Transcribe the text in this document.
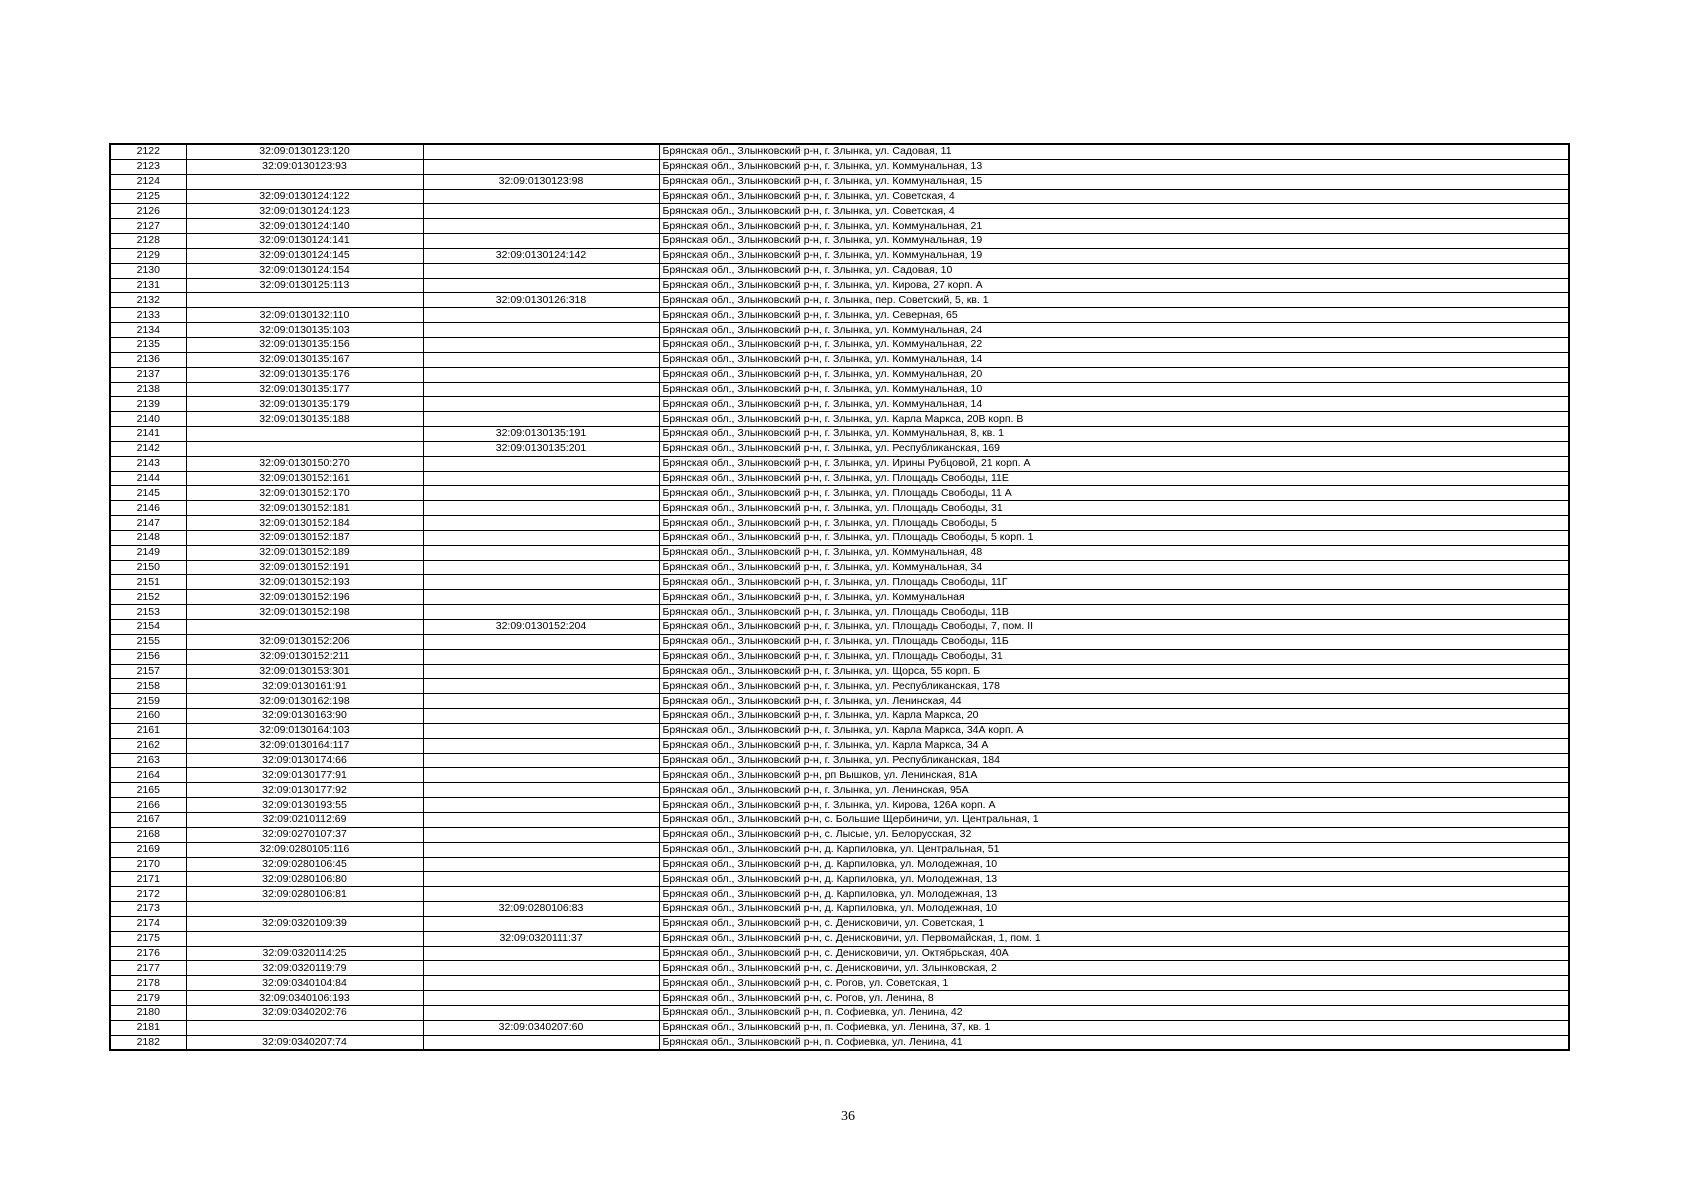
2122	32:09:0130123:120		Брянская обл., Злынковский р-н, г. Злынка, ул. Садовая, 11
2123	32:09:0130123:93		Брянская обл., Злынковский р-н, г. Злынка, ул. Коммунальная, 13
2124		32:09:0130123:98	Брянская обл., Злынковский р-н, г. Злынка, ул. Коммунальная, 15
2125	32:09:0130124:122		Брянская обл., Злынковский р-н, г. Злынка, ул. Советская, 4
2126	32:09:0130124:123		Брянская обл., Злынковский р-н, г. Злынка, ул. Советская, 4
2127	32:09:0130124:140		Брянская обл., Злынковский р-н, г. Злынка, ул. Коммунальная, 21
2128	32:09:0130124:141		Брянская обл., Злынковский р-н, г. Злынка, ул. Коммунальная, 19
2129	32:09:0130124:145	32:09:0130124:142	Брянская обл., Злынковский р-н, г. Злынка, ул. Коммунальная, 19
2130	32:09:0130124:154		Брянская обл., Злынковский р-н, г. Злынка, ул. Садовая, 10
2131	32:09:0130125:113		Брянская обл., Злынковский р-н, г. Злынка, ул. Кирова, 27 корп. А
2132		32:09:0130126:318	Брянская обл., Злынковский р-н, г. Злынка, пер. Советский, 5, кв. 1
2133	32:09:0130132:110		Брянская обл., Злынковский р-н, г. Злынка, ул. Северная, 65
2134	32:09:0130135:103		Брянская обл., Злынковский р-н, г. Злынка, ул. Коммунальная, 24
2135	32:09:0130135:156		Брянская обл., Злынковский р-н, г. Злынка, ул. Коммунальная, 22
2136	32:09:0130135:167		Брянская обл., Злынковский р-н, г. Злынка, ул. Коммунальная, 14
2137	32:09:0130135:176		Брянская обл., Злынковский р-н, г. Злынка, ул. Коммунальная, 20
2138	32:09:0130135:177		Брянская обл., Злынковский р-н, г. Злынка, ул. Коммунальная, 10
2139	32:09:0130135:179		Брянская обл., Злынковский р-н, г. Злынка, ул. Коммунальная, 14
2140	32:09:0130135:188		Брянская обл., Злынковский р-н, г. Злынка, ул. Карла Маркса, 20В корп. В
2141		32:09:0130135:191	Брянская обл., Злынковский р-н, г. Злынка, ул. Коммунальная, 8, кв. 1
2142		32:09:0130135:201	Брянская обл., Злынковский р-н, г. Злынка, ул. Республиканская, 169
2143	32:09:0130150:270		Брянская обл., Злынковский р-н, г. Злынка, ул. Ирины Рубцовой, 21 корп. А
2144	32:09:0130152:161		Брянская обл., Злынковский р-н, г. Злынка, ул. Площадь Свободы, 11Е
2145	32:09:0130152:170		Брянская обл., Злынковский р-н, г. Злынка, ул. Площадь Свободы, 11 А
2146	32:09:0130152:181		Брянская обл., Злынковский р-н, г. Злынка, ул. Площадь Свободы, 31
2147	32:09:0130152:184		Брянская обл., Злынковский р-н, г. Злынка, ул. Площадь Свободы, 5
2148	32:09:0130152:187		Брянская обл., Злынковский р-н, г. Злынка, ул. Площадь Свободы, 5 корп. 1
2149	32:09:0130152:189		Брянская обл., Злынковский р-н, г. Злынка, ул. Коммунальная, 48
2150	32:09:0130152:191		Брянская обл., Злынковский р-н, г. Злынка, ул. Коммунальная, 34
2151	32:09:0130152:193		Брянская обл., Злынковский р-н, г. Злынка, ул. Площадь Свободы, 11Г
2152	32:09:0130152:196		Брянская обл., Злынковский р-н, г. Злынка, ул. Коммунальная
2153	32:09:0130152:198		Брянская обл., Злынковский р-н, г. Злынка, ул. Площадь Свободы, 11В
2154		32:09:0130152:204	Брянская обл., Злынковский р-н, г. Злынка, ул. Площадь Свободы, 7, пом. II
2155	32:09:0130152:206		Брянская обл., Злынковский р-н, г. Злынка, ул. Площадь Свободы, 11Б
2156	32:09:0130152:211		Брянская обл., Злынковский р-н, г. Злынка, ул. Площадь Свободы, 31
2157	32:09:0130153:301		Брянская обл., Злынковский р-н, г. Злынка, ул. Щорса, 55 корп. Б
2158	32:09:0130161:91		Брянская обл., Злынковский р-н, г. Злынка, ул. Республиканская, 178
2159	32:09:0130162:198		Брянская обл., Злынковский р-н, г. Злынка, ул. Ленинская, 44
2160	32:09:0130163:90		Брянская обл., Злынковский р-н, г. Злынка, ул. Карла Маркса, 20
2161	32:09:0130164:103		Брянская обл., Злынковский р-н, г. Злынка, ул. Карла Маркса, 34А корп. А
2162	32:09:0130164:117		Брянская обл., Злынковский р-н, г. Злынка, ул. Карла Маркса, 34 А
2163	32:09:0130174:66		Брянская обл., Злынковский р-н, г. Злынка, ул. Республиканская, 184
2164	32:09:0130177:91		Брянская обл., Злынковский р-н, рп Вышков, ул. Ленинская, 81А
2165	32:09:0130177:92		Брянская обл., Злынковский р-н, г. Злынка, ул. Ленинская, 95А
2166	32:09:0130193:55		Брянская обл., Злынковский р-н, г. Злынка, ул. Кирова, 126А корп. А
2167	32:09:0210112:69		Брянская обл., Злынковский р-н, с. Большие Щербиничи, ул. Центральная, 1
2168	32:09:0270107:37		Брянская обл., Злынковский р-н, с. Лысые, ул. Белорусская, 32
2169	32:09:0280105:116		Брянская обл., Злынковский р-н, д. Карпиловка, ул. Центральная, 51
2170	32:09:0280106:45		Брянская обл., Злынковский р-н, д. Карпиловка, ул. Молодежная, 10
2171	32:09:0280106:80		Брянская обл., Злынковский р-н, д. Карпиловка, ул. Молодежная, 13
2172	32:09:0280106:81		Брянская обл., Злынковский р-н, д. Карпиловка, ул. Молодежная, 13
2173		32:09:0280106:83	Брянская обл., Злынковский р-н, д. Карпиловка, ул. Молодежная, 10
2174	32:09:0320109:39		Брянская обл., Злынковский р-н, с. Денисковичи, ул. Советская, 1
2175		32:09:0320111:37	Брянская обл., Злынковский р-н, с. Денисковичи, ул. Первомайская, 1, пом. 1
2176	32:09:0320114:25		Брянская обл., Злынковский р-н, с. Денисковичи, ул. Октябрьская, 40А
2177	32:09:0320119:79		Брянская обл., Злынковский р-н, с. Денисковичи, ул. Злынковская, 2
2178	32:09:0340104:84		Брянская обл., Злынковский р-н, с. Рогов, ул. Советская, 1
2179	32:09:0340106:193		Брянская обл., Злынковский р-н, с. Рогов, ул. Ленина, 8
2180	32:09:0340202:76		Брянская обл., Злынковский р-н, п. Софиевка, ул. Ленина, 42
2181		32:09:0340207:60	Брянская обл., Злынковский р-н, п. Софиевка, ул. Ленина, 37, кв. 1
2182	32:09:0340207:74		Брянская обл., Злынковский р-н, п. Софиевка, ул. Ленина, 41
36
